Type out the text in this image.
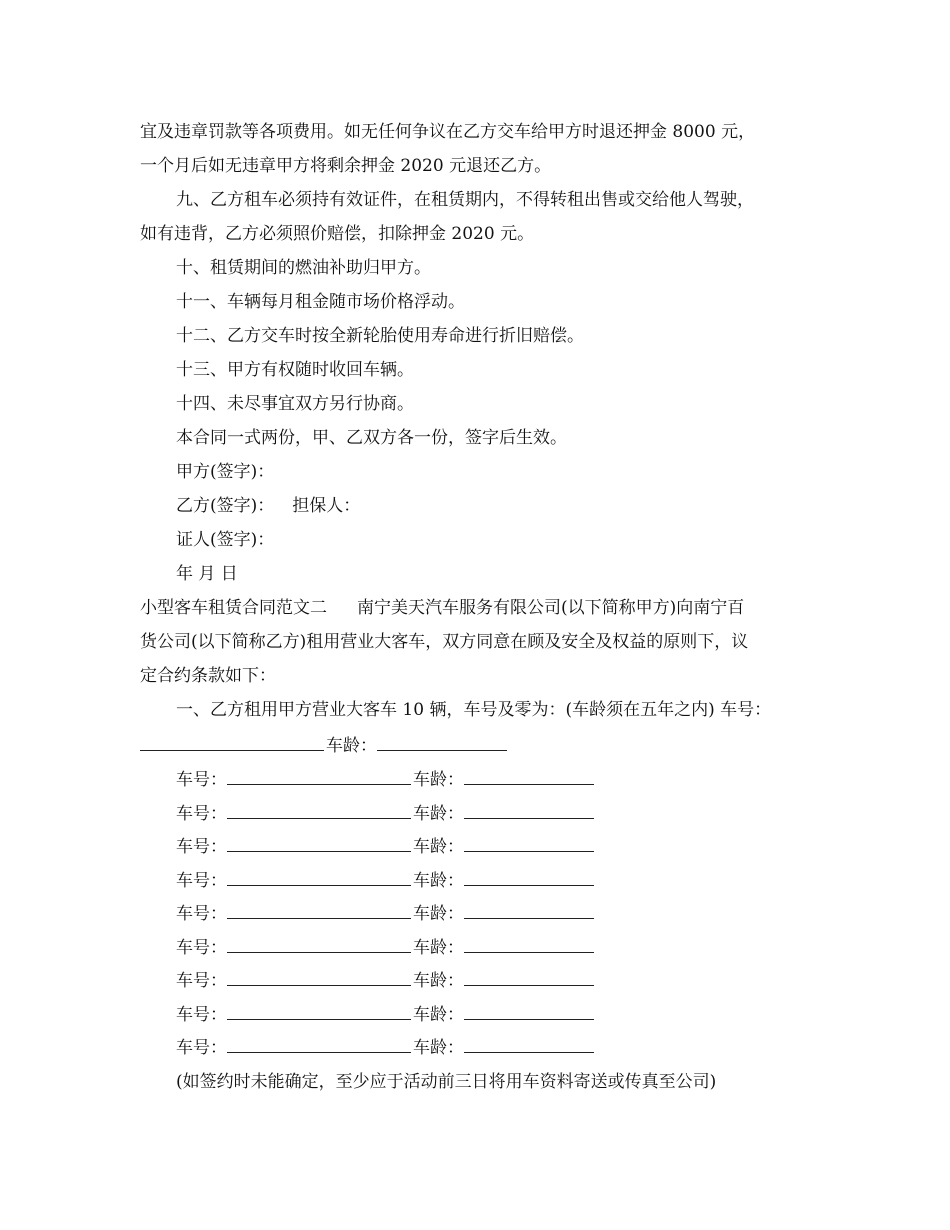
宜及违章罚款等各项费用。如无任何争议在乙方交车给甲方时退还押金 8000 元，
一个月后如无违章甲方将剩余押金 2020 元退还乙方。
九、乙方租车必须持有效证件，在租赁期内，不得转租出售或交给他人驾驶，
如有违背，乙方必须照价赔偿，扣除押金 2020 元。
十、租赁期间的燃油补助归甲方。
十一、车辆每月租金随市场价格浮动。
十二、乙方交车时按全新轮胎使用寿命进行折旧赔偿。
十三、甲方有权随时收回车辆。
十四、未尽事宜双方另行协商。
本合同一式两份，甲、乙双方各一份，签字后生效。
甲方(签字)：
乙方(签字)： 担保人：
证人(签字)：
年 月 日
小型客车租赁合同范文二 南宁美天汽车服务有限公司(以下简称甲方)向南宁百
货公司(以下简称乙方)租用营业大客车，双方同意在顾及安全及权益的原则下，议
定合约条款如下：
一、乙方租用甲方营业大客车 10 辆，车号及零为：(车龄须在五年之内) 车号：
车龄：
车号：	车龄：
车号：	车龄：
车号：	车龄：
车号：	车龄：
车号：	车龄：
车号：	车龄：
车号：	车龄：
车号：	车龄：
车号：	车龄：
(如签约时未能确定，至少应于活动前三日将用车资料寄送或传真至公司)
